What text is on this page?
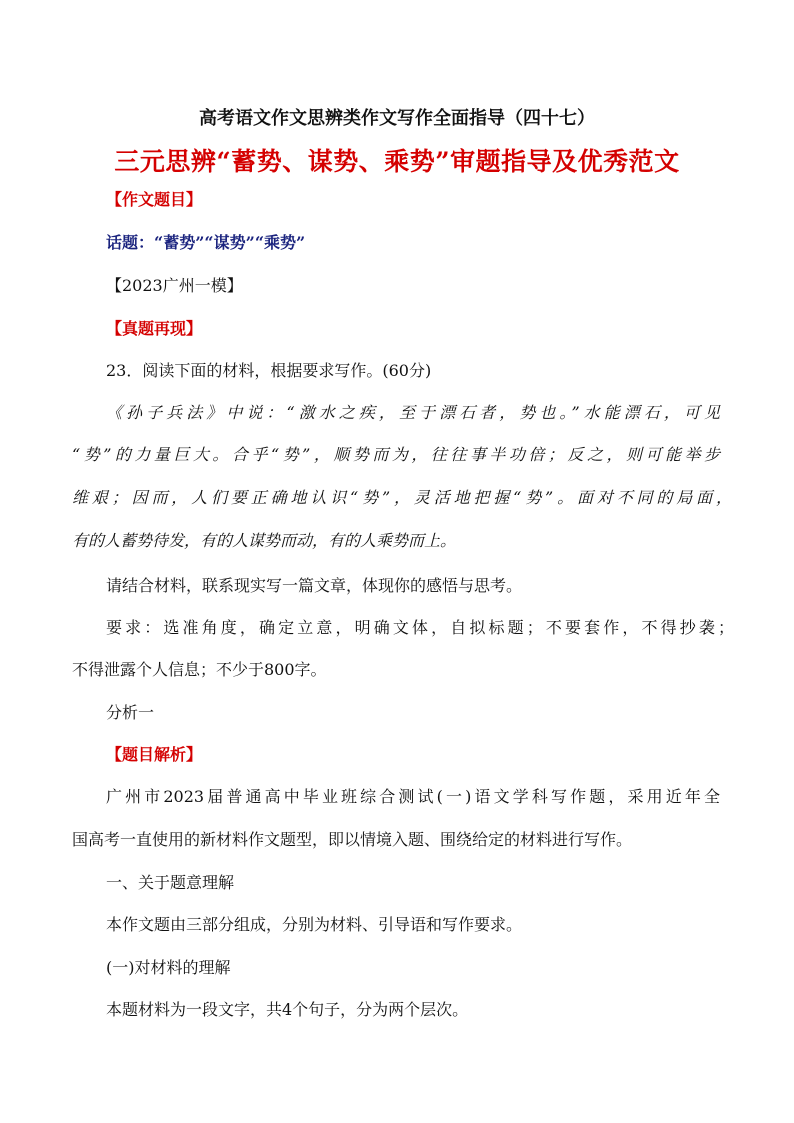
高考语文作文思辨类作文写作全面指导（四十七）
三元思辨“蓄势、谋势、乘势”审题指导及优秀范文
【作文题目】
话题：“蓄势”“谋势”“乘势”
【2023广州一模】
【真题再现】
23．阅读下面的材料，根据要求写作。(60分)
《孙子兵法》中说：“激水之疾，至于漂石者，势也。”水能漂石，可见
“势”的力量巨大。合乎“势”，顺势而为，往往事半功倍；反之，则可能举步
维艰；因而，人们要正确地认识“势”，灵活地把握“势”。面对不同的局面，
有的人蓄势待发，有的人谋势而动，有的人乘势而上。
请结合材料，联系现实写一篇文章，体现你的感悟与思考。
要求：选准角度，确定立意，明确文体，自拟标题；不要套作，不得抄袭；
不得泄露个人信息；不少于800字。
分析一
【题目解析】
广州市2023届普通高中毕业班综合测试(一)语文学科写作题，采用近年全
国高考一直使用的新材料作文题型，即以情境入题、围绕给定的材料进行写作。
一、关于题意理解
本作文题由三部分组成，分别为材料、引导语和写作要求。
(一)对材料的理解
本题材料为一段文字，共4个句子，分为两个层次。
